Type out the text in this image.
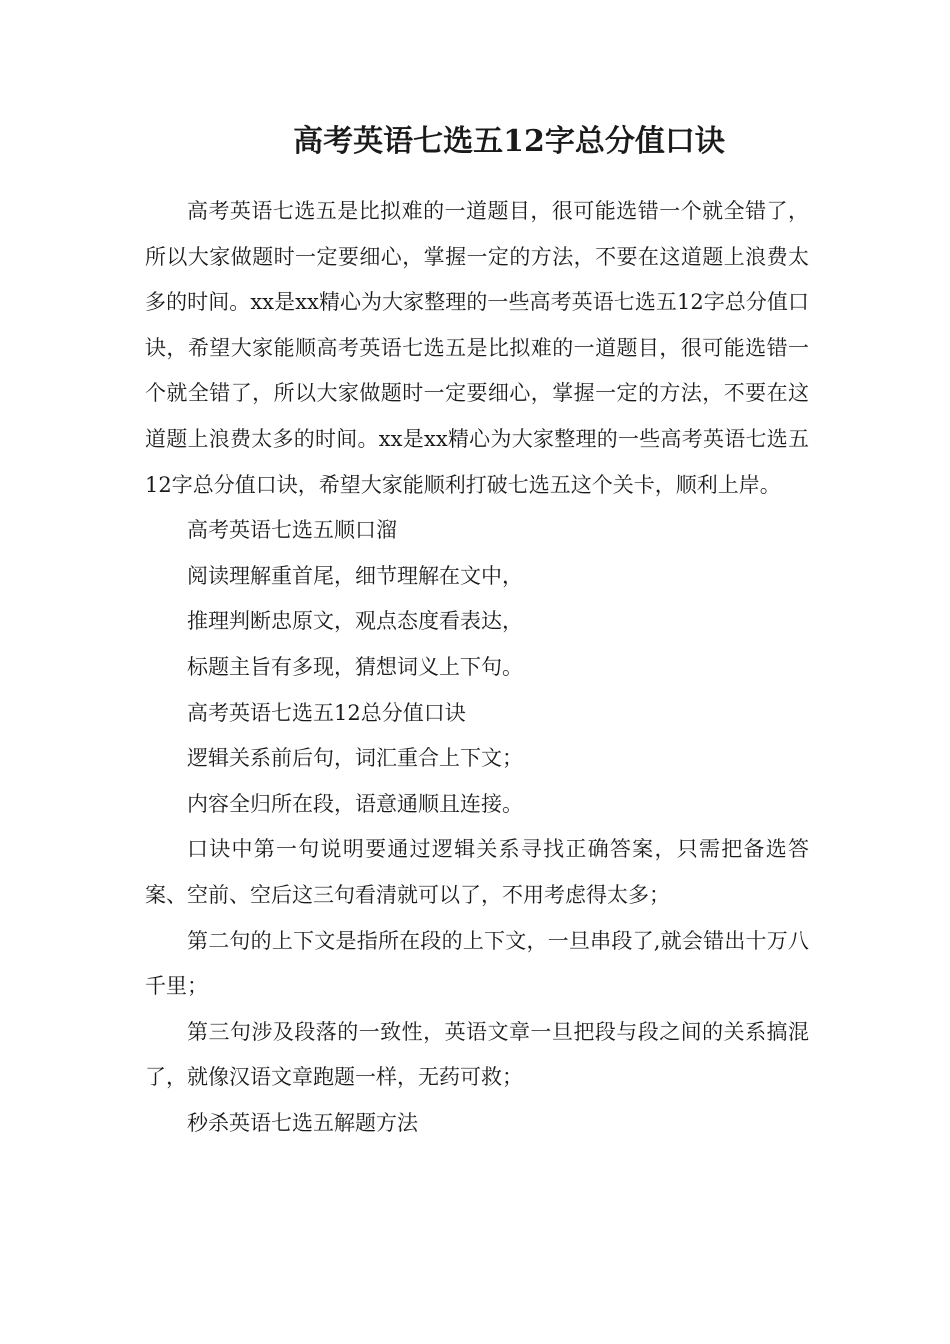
高考英语七选五12字总分值口诀

高考英语七选五是比拟难的一道题目，很可能选错一个就全错了，所以大家做题时一定要细心，掌握一定的方法，不要在这道题上浪费太多的时间。xx是xx精心为大家整理的一些高考英语七选五12字总分值口诀，希望大家能顺高考英语七选五是比拟难的一道题目，很可能选错一个就全错了，所以大家做题时一定要细心，掌握一定的方法，不要在这道题上浪费太多的时间。xx是xx精心为大家整理的一些高考英语七选五12字总分值口诀，希望大家能顺利打破七选五这个关卡，顺利上岸。

高考英语七选五顺口溜

阅读理解重首尾，细节理解在文中，

推理判断忠原文，观点态度看表达，

标题主旨有多现，猜想词义上下句。

高考英语七选五12总分值口诀

逻辑关系前后句，词汇重合上下文；

内容全归所在段，语意通顺且连接。

口诀中第一句说明要通过逻辑关系寻找正确答案，只需把备选答案、空前、空后这三句看清就可以了，不用考虑得太多；

第二句的上下文是指所在段的上下文，一旦串段了,就会错出十万八千里；

第三句涉及段落的一致性，英语文章一旦把段与段之间的关系搞混了，就像汉语文章跑题一样，无药可救；

秒杀英语七选五解题方法
